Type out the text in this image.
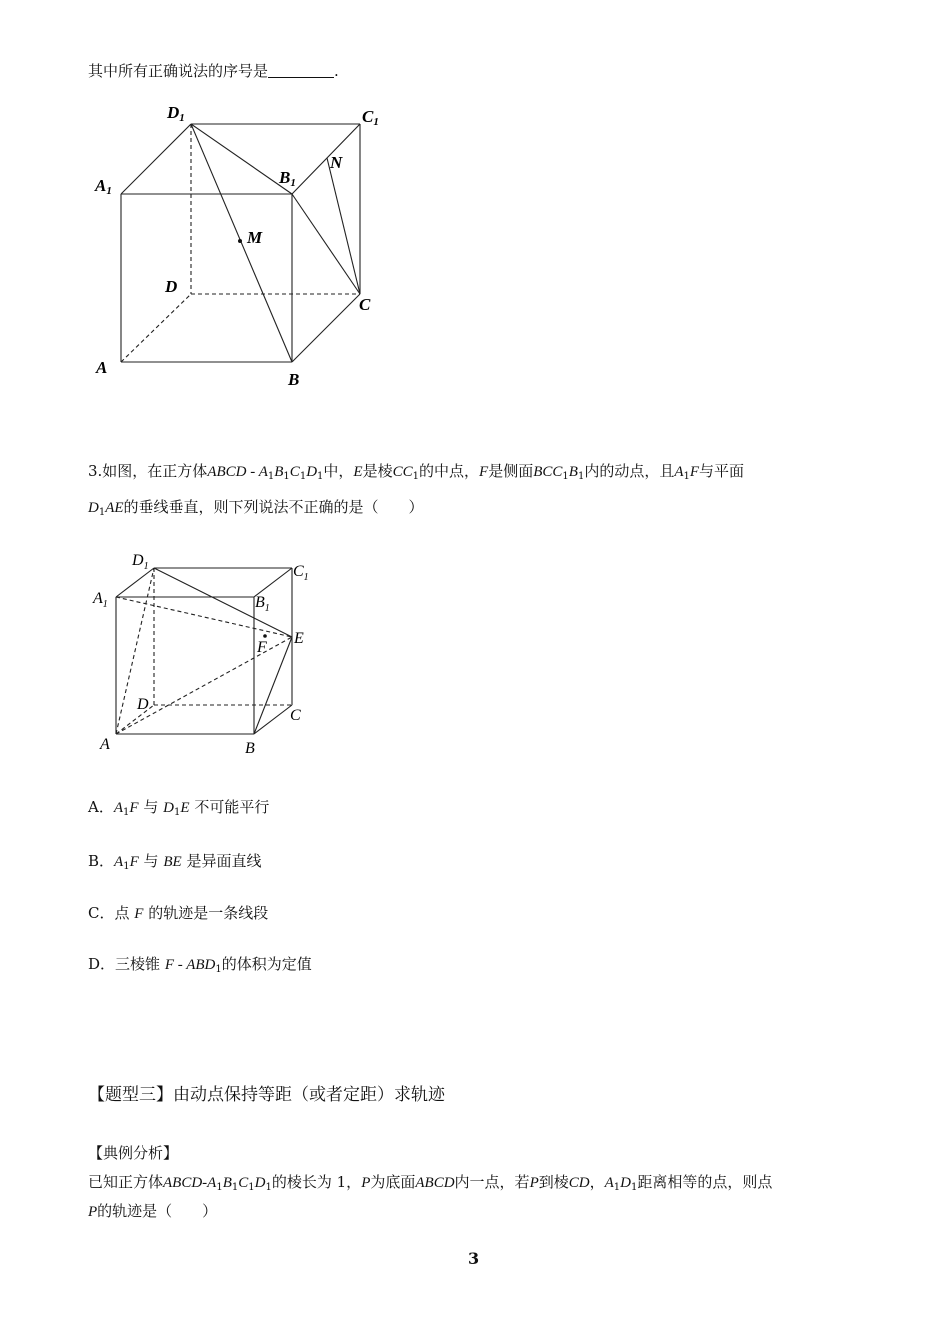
其中所有正确说法的序号是	.
D1	C1
A1
B1
N
M
D
C
A
B
$D_1$	$C_1$
$A_1$	$B_1$
E
F
D
C
A	B
3.如图，在正方体ABCD - $A_1B_1C_1D_1$中，E是棱$CC_1$的中点，F是侧面$BCC_1B_1$内的动点，且$A_1F$与平面
$D_1AE$的垂线垂直，则下列说法不正确的是（　　）
A．$A_1F$ 与 $D_1E$ 不可能平行
B．$A_1F$ 与 BE 是异面直线
C．点 F 的轨迹是一条线段
D．三棱锥 F - $ABD_1$的体积为定值
【题型三】由动点保持等距（或者定距）求轨迹
【典例分析】
已知正方体ABCD-$A_1B_1C_1D_1$的棱长为 1，P为底面ABCD内一点，若P到棱CD，$A_1D_1$距离相等的点，则点
P的轨迹是（　　）
3
